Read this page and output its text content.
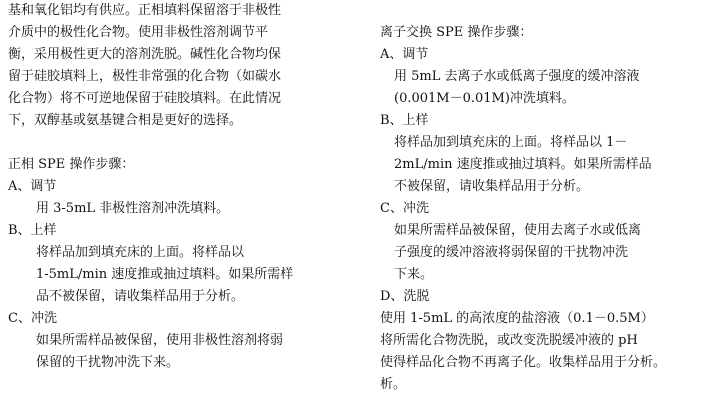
基和氧化铝均有供应。正相填料保留溶于非极性
介质中的极性化合物。使用非极性溶剂调节平
衡，采用极性更大的溶剂洗脱。碱性化合物均保
留于硅胶填料上，极性非常强的化合物（如碳水
化合物）将不可逆地保留于硅胶填料。在此情况
下，双醇基或氨基键合相是更好的选择。
正相 SPE 操作步骤：
A、调节
用 3-5mL 非极性溶剂冲洗填料。
B、上样
将样品加到填充床的上面。将样品以
1-5mL/min 速度推或抽过填料。如果所需样
品不被保留，请收集样品用于分析。
C、冲洗
如果所需样品被保留，使用非极性溶剂将弱
保留的干扰物冲洗下来。
离子交换 SPE 操作步骤：
A、调节
用 5mL 去离子水或低离子强度的缓冲溶液
(0.001M－0.01M)冲洗填料。
B、上样
将样品加到填充床的上面。将样品以 1－
2mL/min 速度推或抽过填料。如果所需样品
不被保留，请收集样品用于分析。
C、冲洗
如果所需样品被保留，使用去离子水或低离
子强度的缓冲溶液将弱保留的干扰物冲洗
下来。
D、洗脱
使用 1-5mL 的高浓度的盐溶液（0.1－0.5M）
将所需化合物洗脱，或改变洗脱缓冲液的 pH
使得样品化合物不再离子化。收集样品用于分析。
析。
